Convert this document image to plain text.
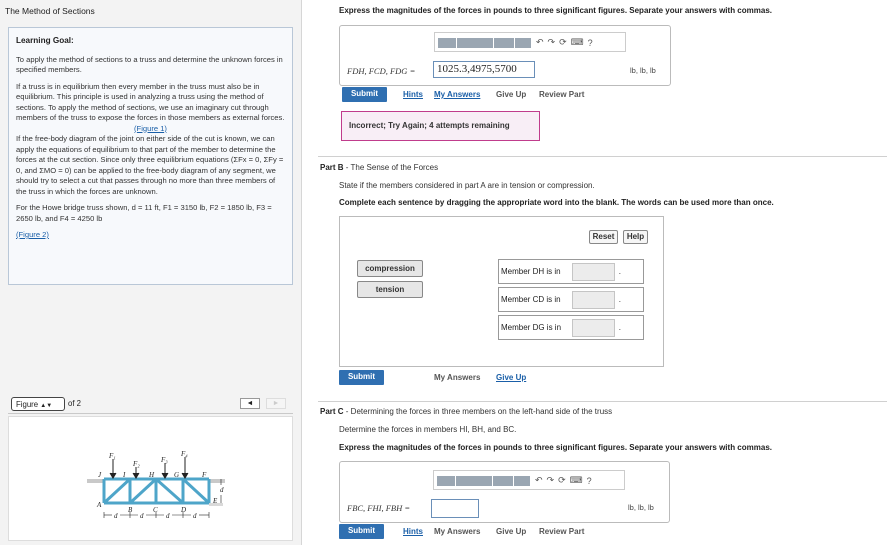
The Method of Sections

Learning Goal:

To apply the method of sections to a truss and determine the unknown forces in specified members.

If a truss is in equilibrium then every member in the truss must also be in equilibrium. This principle is used in analyzing a truss using the method of sections. To apply the method of sections, we use an imaginary cut through members of the truss to expose the forces in those members as external forces.

(Figure 1)

If the free-body diagram of the joint on either side of the cut is known, we can apply the equations of equilibrium to that part of the member to determine the forces at the cut section. Since only three equilibrium equations (ΣFx = 0, ΣFy = 0, and ΣMO = 0) can be applied to the free-body diagram of any segment, we should try to select a cut that passes through no more than three members of the truss in which the forces are unknown.

For the Howe bridge truss shown, d = 11 ft, F1 = 3150 lb, F2 = 1850 lb, F3 = 2650 lb, and F4 = 4250 lb

(Figure 2)

Figure ▲▼	of 2	◄	►
F₁
F₂	F₃
F₄
J	I	H	G	F
A
B	C	D
E
d
d	d	d	d
Express the magnitudes of the forces in pounds to three significant figures. Separate your answers with commas.
↶ ↷ ⟳ ⌨ ?
FDH, FCD, FDG =	1025.3,4975,5700	lb, lb, lb
Submit	Hints My Answers Give Up Review Part
Incorrect; Try Again; 4 attempts remaining
Part B - The Sense of the Forces
State if the members considered in part A are in tension or compression.
Complete each sentence by dragging the appropriate word into the blank. The words can be used more than once.
Reset	Help
compression
tension
Member DH is in	.
Member CD is in	.
Member DG is in	.
Submit	My Answers Give Up
Part C - Determining the forces in three members on the left-hand side of the truss
Determine the forces in members HI, BH, and BC.
Express the magnitudes of the forces in pounds to three significant figures. Separate your answers with commas.
↶ ↷ ⟳ ⌨ ?
FBC, FHI, FBH =	lb, lb, lb
Submit	Hints My Answers Give Up Review Part
